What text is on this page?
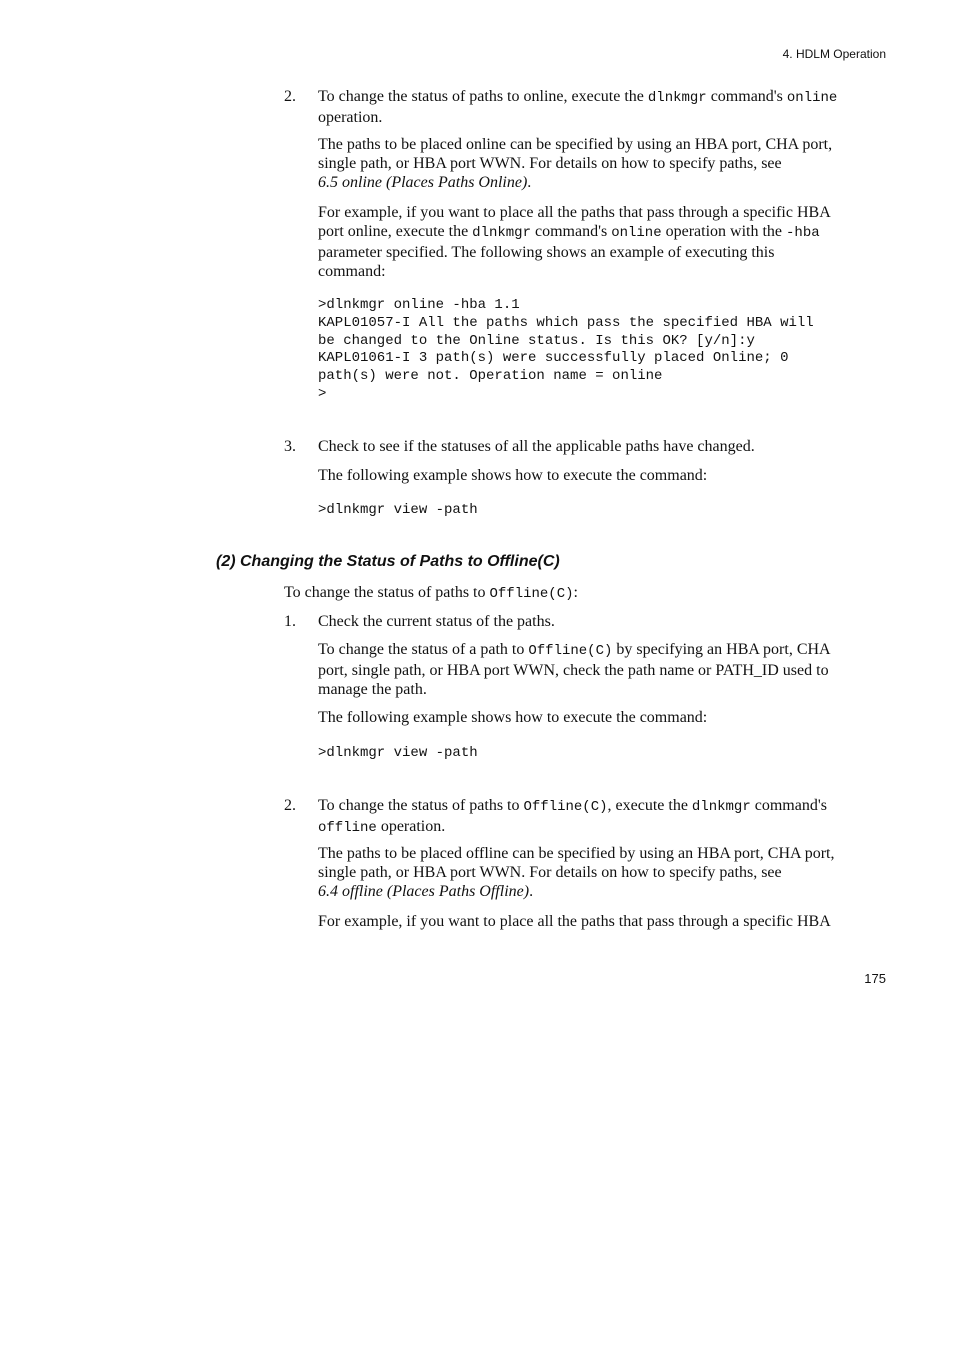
4. HDLM Operation
175
2. To change the status of paths to online, execute the dlnkmgr command's online
operation.
The paths to be placed online can be specified by using an HBA port, CHA port,
single path, or HBA port WWN. For details on how to specify paths, see
6.5 online (Places Paths Online).
For example, if you want to place all the paths that pass through a specific HBA
port online, execute the dlnkmgr command's online operation with the -hba
parameter specified. The following shows an example of executing this
command:
>dlnkmgr online -hba 1.1
KAPL01057-I All the paths which pass the specified HBA will
be changed to the Online status. Is this OK? [y/n]:y
KAPL01061-I 3 path(s) were successfully placed Online; 0
path(s) were not. Operation name = online
>
3. Check to see if the statuses of all the applicable paths have changed.
The following example shows how to execute the command:
>dlnkmgr view -path
(2) Changing the Status of Paths to Offline(C)
To change the status of paths to Offline(C):
1. Check the current status of the paths.
To change the status of a path to Offline(C) by specifying an HBA port, CHA
port, single path, or HBA port WWN, check the path name or PATH_ID used to
manage the path.
The following example shows how to execute the command:
>dlnkmgr view -path
2. To change the status of paths to Offline(C), execute the dlnkmgr command's
offline operation.
The paths to be placed offline can be specified by using an HBA port, CHA port,
single path, or HBA port WWN. For details on how to specify paths, see
6.4 offline (Places Paths Offline).
For example, if you want to place all the paths that pass through a specific HBA
